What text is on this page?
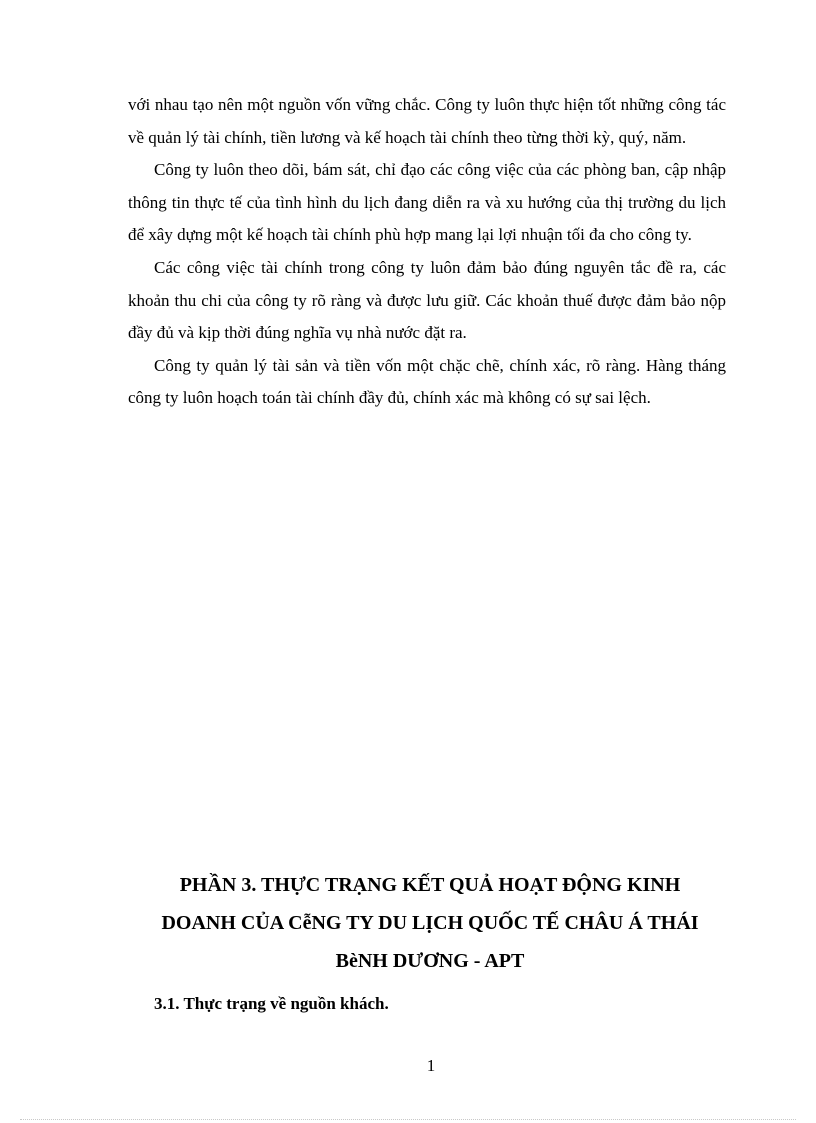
với nhau tạo nên một nguồn vốn vững chắc. Công ty luôn thực hiện tốt những công tác về quản lý tài chính, tiền lương và kế hoạch tài chính theo từng thời kỳ, quý, năm.

Công ty luôn theo dõi, bám sát, chỉ đạo các công việc của các phòng ban, cập nhập thông tin thực tế của tình hình du lịch đang diễn ra và xu hướng của thị trường du lịch để xây dựng một kế hoạch tài chính phù hợp mang lại lợi nhuận tối đa cho công ty.

Các công việc tài chính trong công ty luôn đảm bảo đúng nguyên tắc đề ra, các khoản thu chi của công ty rõ ràng và được lưu giữ. Các khoản thuế được đảm bảo nộp đầy đủ và kịp thời đúng nghĩa vụ nhà nước đặt ra.

Công ty quản lý tài sản và tiền vốn một chặc chẽ, chính xác, rõ ràng. Hàng tháng công ty luôn hoạch toán tài chính đầy đủ, chính xác mà không có sự sai lệch.

PHẦN 3. THỰC TRẠNG KẾT QUẢ HOẠT ĐỘNG KINH
DOANH CỦA CễNG TY DU LỊCH QUỐC TẾ CHÂU Á THÁI
BèNH DƯƠNG - APT
3.1. Thực trạng về nguồn khách.
1
